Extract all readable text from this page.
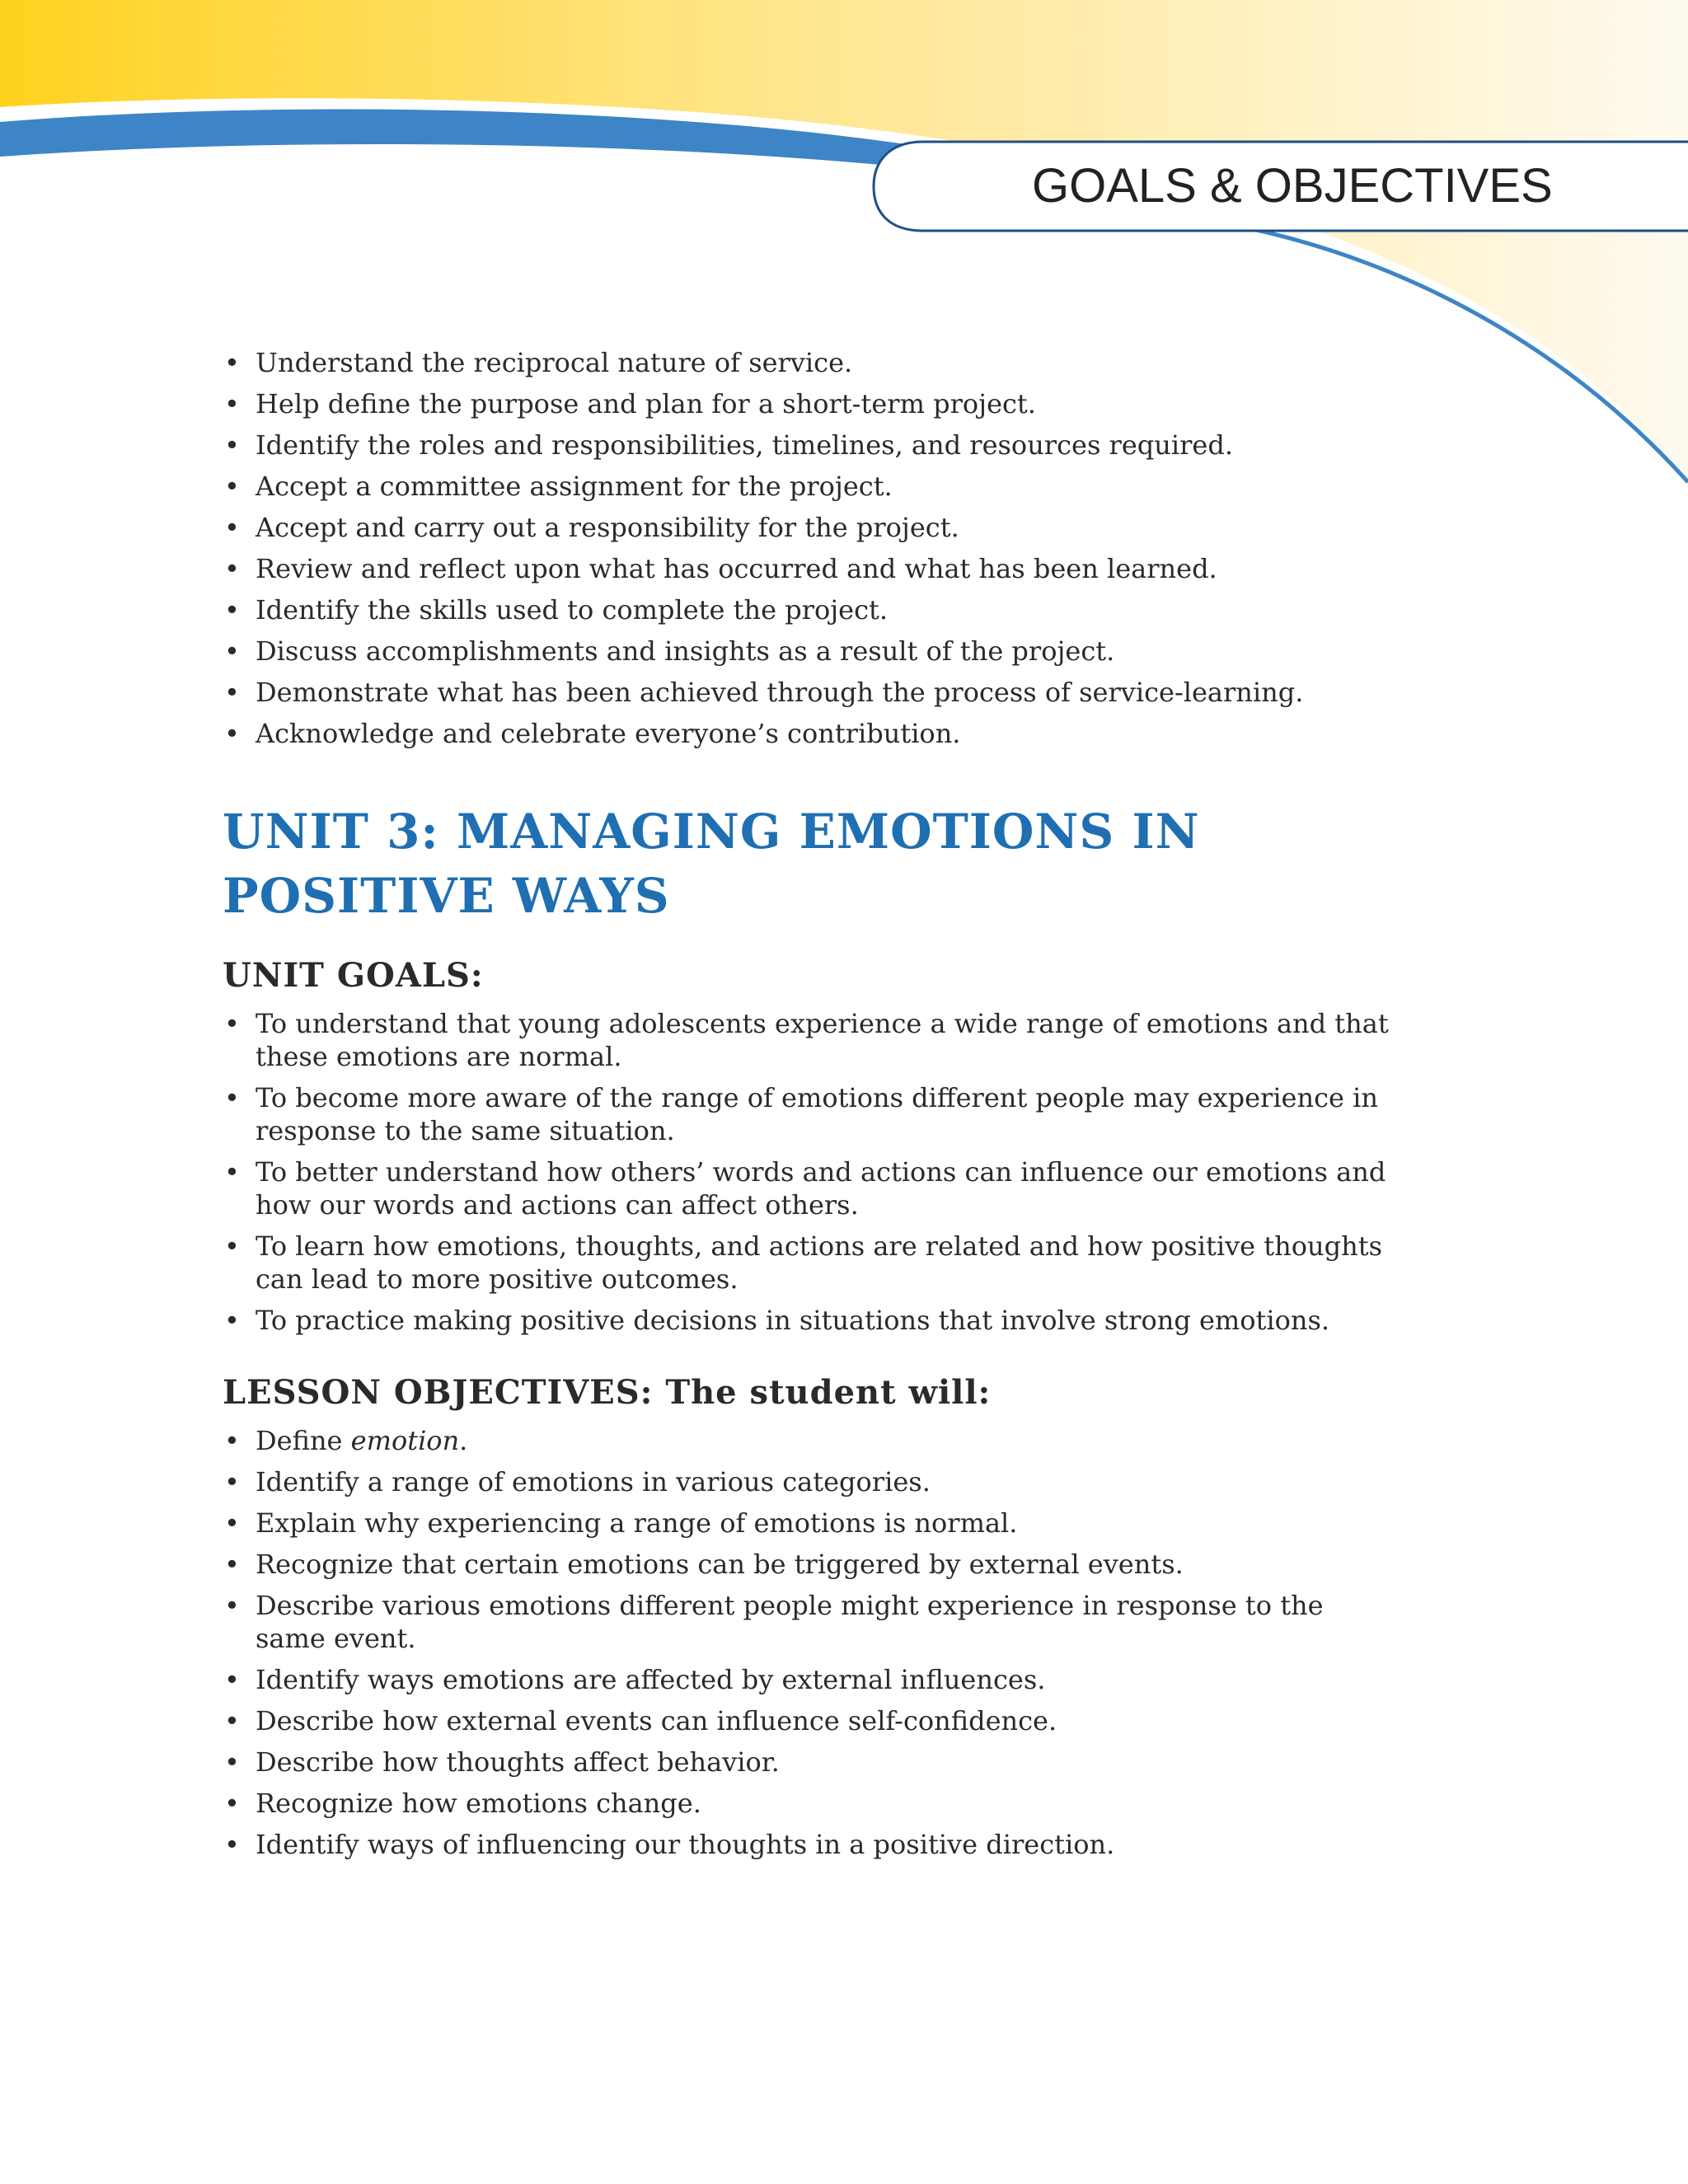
GOALS & OBJECTIVES
•
Understand the reciprocal nature of service.
•
Help define the purpose and plan for a short-term project.
•
Identify the roles and responsibilities, timelines, and resources required.
•
Accept a committee assignment for the project.
•
Accept and carry out a responsibility for the project.
•
Review and reflect upon what has occurred and what has been learned.
•
Identify the skills used to complete the project.
•
Discuss accomplishments and insights as a result of the project.
•
Demonstrate what has been achieved through the process of service-learning.
•
Acknowledge and celebrate everyone’s contribution.
UNIT 3: MANAGING EMOTIONS IN POSITIVE WAYS
UNIT GOALS:
•
To understand that young adolescents experience a wide range of emotions and that these emotions are normal.
•
To become more aware of the range of emotions different people may experience in response to the same situation.
•
To better understand how others’ words and actions can influence our emotions and how our words and actions can affect others.
•
To learn how emotions, thoughts, and actions are related and how positive thoughts can lead to more positive outcomes.
•
To practice making positive decisions in situations that involve strong emotions.
LESSON OBJECTIVES: The student will:
•
Define emotion.
•
Identify a range of emotions in various categories.
•
Explain why experiencing a range of emotions is normal.
•
Recognize that certain emotions can be triggered by external events.
•
Describe various emotions different people might experience in response to the same event.
•
Identify ways emotions are affected by external influences.
•
Describe how external events can influence self-confidence.
•
Describe how thoughts affect behavior.
•
Recognize how emotions change.
•
Identify ways of influencing our thoughts in a positive direction.
